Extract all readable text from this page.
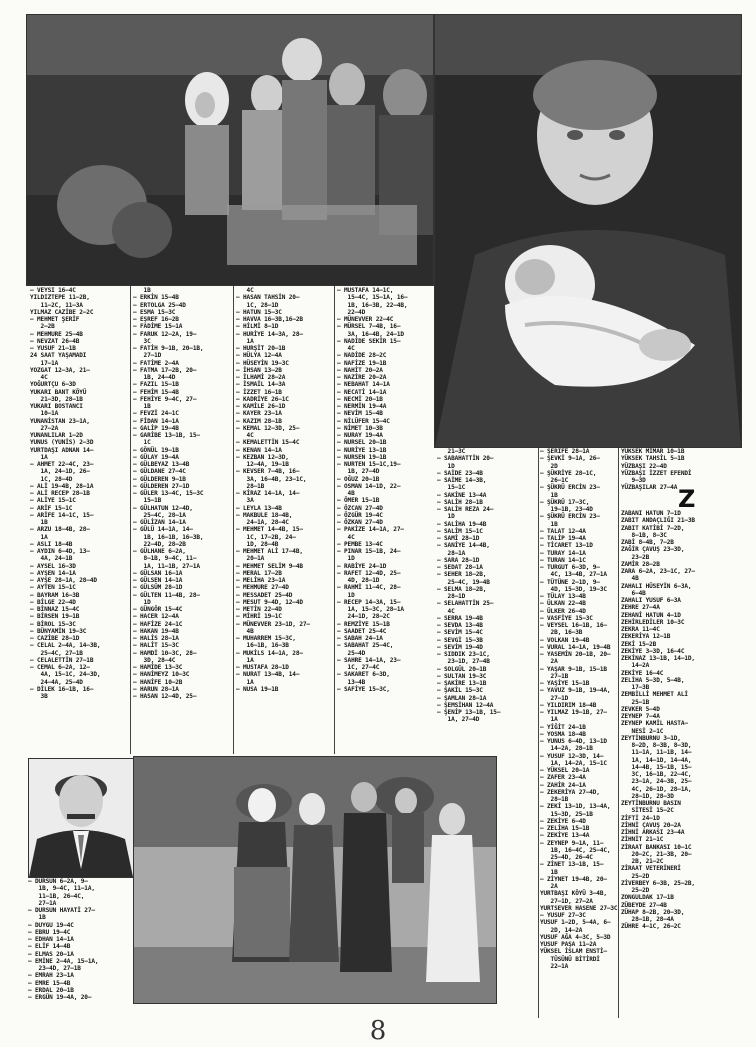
— VEYSİ 16–4C
YILDIZTEPE 11–2B,
11–2C, 11–3A
YILMAZ CAZİBE 2–2C
— MEHMET ŞERİF
2–2B
— MEHMURE 25–4B
— NEVZAT 26–4B
— YUSUF 21–1B
24 SAAT YAŞAMADI
17–1A
YOZGAT 12–3A, 21–
4C
YOĞURTÇU 6–3D
YUKARI BANT KÖYÜ
21–3D, 28–1B
YUKARI BOSTANCI
10–1A
YUNANİSTAN 23–1A,
27–2A
YUNANLILAR 1–2D
YUNUS (YUNİS) 2–3D
YURTDAŞI ADNAN 14–
1A
— AHMET 22–4C, 23–
1A, 24–1D, 26–
1C, 28–4D
— ALİ 19–4B, 28–1A
— ALİ RECEP 28–1B
— ALİYE 15–1C
— ARİF 15–1C
— ARİFE 14–1C, 15–
1B
— ARZU 18–4B, 28–
1A
— ASLI 18–4B
— AYDIN 6–4D, 13–
4A, 24–1B
— AYSEL 16–3D
— AYŞEN 14–1A
— AYŞE 28–1A, 28–4D
— AYTEN 15–1C
— BAYRAM 16–3B
— BİLGE 22–4D
— BİNNAZ 15–4C
— BİRSEN 19–1B
— BİROL 15–3C
— BÜNYAMİN 19–3C
— CAZİBE 28–1D
— CELAL 2–4A, 14–3B,
25–4C, 27–1B
— CELALETTİN 27–1B
— CEMAL 6–2A, 12–
4A, 15–1C, 24–3D,
24–4A, 25–4D
— DİLEK 16–1B, 16–
3B
1B
— ERKİN 15–4B
— ERTOLGA 25–4D
— ESMA 15–3C
— EŞREF 16–2B
— FADİME 15–1A
— FARUK 12–2A, 19–
3C
— FATİH 9–1B, 20–1B,
27–1D
— FATİME 2–4A
— FATMA 17–2B, 20–
1B, 24–4D
— FAZIL 15–1B
— FEHİM 15–4B
— FEHİYE 9–4C, 27–
1B
— FEVZİ 24–1C
— FİDAN 14–1A
— GALİP 19–4B
— GARİBE 13–1B, 15–
1C
— GÖNÜL 19–1B
— GÜLAY 19–4A
— GÜLBEYAZ 13–4B
— GÜLDANE 27–4C
— GÜLDEREN 9–1B
— GÜLDEREN 27–1D
— GÜLER 13–4C, 15–3C
15–1B
— GÜLHATUN 12–4D,
25–4C, 28–1A
— GÜLİZAN 14–1A
— GÜLÜ 14–1A, 14–
1B, 16–1B, 16–3B,
22–4D, 28–2B
— GÜLHANE 6–2A,
8–1B, 9–4C, 11–
1A, 11–1B, 27–1A
— GÜLSAN 16–1A
— GÜLSEN 14–1A
— GÜLSÜM 28–1D
— GÜLTEN 11–4B, 28–
1D
— GÜNGÖR 15–4C
— HACER 12–4A
— HAFİZE 24–1C
— HAKAN 19–4B
— HALİS 28–1A
— HALİT 15–3C
— HAMDİ 10–3C, 28–
3D, 28–4C
— HAMİDE 13–3C
— HANİMEYZ 10–3C
— HANİFE 10–2B
— HARUN 28–1A
— HASAN 12–4D, 25–
4C
— HASAN TAHSİN 20–
1C, 28–1D
— HATUN 15–3C
— HAVVA 16–3B,16–2B
— HİLMİ 8–1D
— HURİYE 14–3A, 28–
1A
— HURŞİT 20–1B
— HÜLYA 12–4A
— HÜSEYİN 19–3C
— İHSAN 13–2B
— İLHAMİ 28–2A
— İSMAİL 14–3A
— İZZET 16–1B
— KADRİYE 26–1C
— KAMİLE 26–1D
— KAYER 23–1A
— KAZIM 28–1B
— KEMAL 12–3D, 25–
4C
— KEMALETTİN 15–4C
— KENAN 14–1A
— KEZBAN 12–3D,
12–4A, 19–1B
— KEVSER 7–4B, 16–
3A, 16–4B, 23–1C,
28–1B
— KİRAZ 14–1A, 14–
3A
— LEYLA 13–4B
— MAKBULE 18–4B,
24–1A, 28–4C
— MEHMET 14–4B, 15–
1C, 17–2B, 24–
1D, 28–4B
— MEHMET ALİ 17–4B,
20–1A
— MEHMET SELİM 9–4B
— MERAL 17–2B
— MELİHA 23–1A
— MEHMURE 27–4D
— MESSADET 25–4D
— MESUT 9–4D, 12–4D
— METİN 22–4D
— MİHRİ 19–1C
— MÜNEVVER 23–1D, 27–
4B
— MUHARREM 15–3C,
16–1B, 16–3B
— MUKİLS 14–1A, 28–
1A
— MUSTAFA 28–1D
— NURAT 13–4B, 14–
1A
— NUSA 19–1B
— MUSTAFA 14–1C,
15–4C, 15–1A, 16–
1B, 16–3B, 22–4B,
22–4D
— MÜNEVVER 22–4C
— MÜRSEL 7–4B, 16–
3A, 16–4B, 24–1D
— NADİDE SEKİR 15–
4C
— NADİDE 28–2C
— NAFİZE 19–1B
— NAHİT 20–2A
— NAZİRE 20–2A
— NEBAHAT 14–1A
— NECATİ 14–1A
— NECMİ 20–1B
— NERMİN 19–4A
— NEVİM 15–4B
— NİLÜFER 15–4C
— NİMET 10–3B
— NURAY 19–4A
— NURSEL 20–1B
— NURİYE 13–1B
— NURSEN 19–1B
— NURTEN 15–1C,19–
1B, 27–4D
— OĞUZ 20–1B
— OSMAN 14–1D, 22–
4B
— ÖMER 15–1B
— ÖZCAN 27–4D
— ÖZGÜR 19–4C
— ÖZKAN 27–4D
— PAKİZE 14–1A, 27–
4C
— PEMBE 13–4C
— PINAR 15–1B, 24–
1D
— RABİYE 24–1D
— RAFET 12–4D, 25–
4D, 28–1D
— RAHMİ 11–4C, 28–
1D
— RECEP 14–3A, 15–
1A, 15–3C, 28–1A
24–1D, 28–2C
— REMZİYE 15–1B
— SAADET 25–4C
— SABAH 24–1A
— SABAHAT 25–4C,
25–4D
— SAHRE 14–1A, 23–
1C, 27–4C
— SAKARET 6–3D,
13–4B
— SAFİYE 15–3C,
21–3C
— SABAHATTİN 20–
1D
— SAİDE 23–4B
— SAİME 14–3B,
15–1C
— SAKİNE 13–4A
— SALİH 28–1B
— SALİH REZA 24–
1D
— SALİHA 19–4B
— SALİM 15–1C
— SAMİ 28–1D
— SANİYE 14–4B,
28–1A
— SARA 28–1D
— SEDAT 28–1A
— SEHER 18–2B,
25–4C, 19–4B
— SELMA 18–2B,
28–1D
— SELAHATTİN 25–
4C
— SERRA 19–4B
— SEVDA 13–4B
— SEVİM 15–4C
— SEVGİ 15–3B
— SEVİM 19–4D
— SIDDIK 23–1C,
23–1D, 27–4B
— SOLGÜL 20–1B
— SULTAN 19–3C
— ŞAKİRE 13–1B
— ŞAKİL 15–3C
— ŞAMLAN 28–1A
— ŞEMSİHAN 12–4A
— ŞENİP 13–1B, 15–
1A, 27–4D
— ŞERİFE 28–1A
— ŞEVKİ 9–1A, 26–
2D
— ŞÜKRİYE 28–1C,
26–1C
— ŞÜKRÜ ERCİN 23–
1B
— ŞÜKRÜ 17–3C,
19–1B, 23–4D
— ŞÜKRÜ ERCİN 23–
1B
— TALAT 12–4A
— TALİP 19–4A
— TİCARET 13–1D
— TURAY 14–1A
— TURAN 14–1C
— TURGUT 6–3D, 9–
4C, 13–4B, 27–1A
— TÜTÜNE 2–1D, 9–
4D, 15–3D, 19–3C
— TÜLAY 13–4B
— ÜLKAN 22–4B
— ÜLKER 26–4D
— VASFİYE 15–3C
— VEYSEL 16–1B, 16–
2B, 16–3B
— VOLKAN 19–4B
— VURAL 14–1A, 19–4B
— YASEMİN 20–1B, 20–
2A
— YAŞAR 9–1B, 15–1B
27–1B
— YAŞİYE 15–1B
— YAVUZ 9–1B, 19–4A,
27–1D
— YILDIRIM 18–4B
— YILMAZ 19–1B, 27–
1A
— YİĞİT 24–1B
— YOSMA 18–4B
— YUNUS 6–4D, 13–1D
14–2A, 28–1B
— YUSUF 12–3D, 14–
1A, 14–2A, 15–1C
— YÜKSEL 20–1A
— ZAFER 23–4A
— ZAHİR 24–1A
— ZEKERİYA 27–4D,
28–1B
— ZEKİ 13–1D, 13–4A,
15–3D, 25–1B
— ZEKİYE 6–4D
— ZELİHA 15–1B
— ZEKİYE 13–4A
— ZEYNEP 9–1A, 11–
1B, 16–4C, 25–4C,
25–4D, 26–4C
— ZİNET 13–1B, 15–
1B
— ZİYNET 19–4B, 20–
2A
YURTBAŞI KÖYÜ 3–4B,
27–1D, 27–2A
YURTSEVER HASENE 27–3C
— YUSUF 27–3C
YUSUF 1–2D, 5–4A, 6–
2D, 14–2A
YUSUF AĞA 4–3C, 5–3D
YUSUF PAŞA 11–2A
YÜKSEL İSLAM ENSTİ–
TÜSÜNÜ BİTİRDİ
22–1A
YÜKSEK MİMAR 10–1B
YÜKSEK TAHSİL 5–1B
YÜZBAŞI 22–4D
YÜZBAŞI İZZET EFENDİ
9–3D
YÜZBAŞILAR 27–4A Z
ZABANI HATUN 7–1D
ZABIT ANDAÇLIĞI 21–3B
ZABIT KATİBİ 7–2D,
8–1B, 8–3C
ZABİ 8–4B, 7–2B
ZAĞİR ÇAVUŞ 23–3D,
23–2B
ZAMİR 28–2B
ZARA 6–2A, 23–1C, 27–
4B
ZAHALI HÜSEYİN 6–3A,
6–4B
ZAHALI YUSUF 6–3A
ZEHRE 27–4A
ZEHANİ HATUN 4–1D
ZEHİRLEDİLER 10–3C
ZEKRA 11–4C
ZEKERİYA 12–1B
ZEKİ 15–2B
ZEKİYE 3–3D, 16–4C
ZEKİNAZ 13–1B, 14–1D,
14–2A
ZEKİYE 16–4C
ZELİHA 5–3D, 5–4B,
17–3B
ZEMBİLLİ MEHMET ALİ
25–1B
ZEVKER 5–4D
ZEYNEP 7–4A
ZEYNEP KAMİL HASTA–
NESİ 2–1C
ZEYTİNBURNU 3–1D,
8–2D, 8–3B, 8–3D,
11–1A, 11–1B, 14–
1A, 14–1D, 14–4A,
14–4B, 15–1B, 15–
3C, 16–1B, 22–4C,
23–1A, 24–3B, 25–
4C, 26–1D, 28–1A,
28–1D, 28–3D
ZEYTİNBURNU BASIN
SİTESİ 15–2C
ZİFTİ 24–1D
ZİHNİ ÇAVUŞ 20–2A
ZİHNİ ARKASI 23–4A
ZİHNİT 21–1C
ZİRAAT BANKASI 10–1C
20–2C, 21–3B, 20–
2B, 21–2C
ZİRAAT VETERİNERİ
25–2D
ZİVERBEY 6–3B, 25–2B,
25–2D
ZONGULDAK 17–1B
ZÜBEYDE 27–4B
ZÜHAP 8–2B, 20–3D,
28–1B, 28–4A
ZÜHRE 4–1C, 26–2C
— DURSUN 6–2A, 9–
1B, 9–4C, 11–1A,
11–1B, 26–4C,
27–1A
— DURSUN HAYATİ 27–
1B
— DUYGU 19–4C
— EBRU 19–4C
— EDHAN 14–1A
— ELİF 14–4B
— ELMAS 20–1A
— EMİNE 2–4A, 15–1A,
23–4D, 27–1B
— EMRAH 23–1A
— EMRE 15–4B
— ERDAL 20–1B
— ERGÜN 19–4A, 20–
8
